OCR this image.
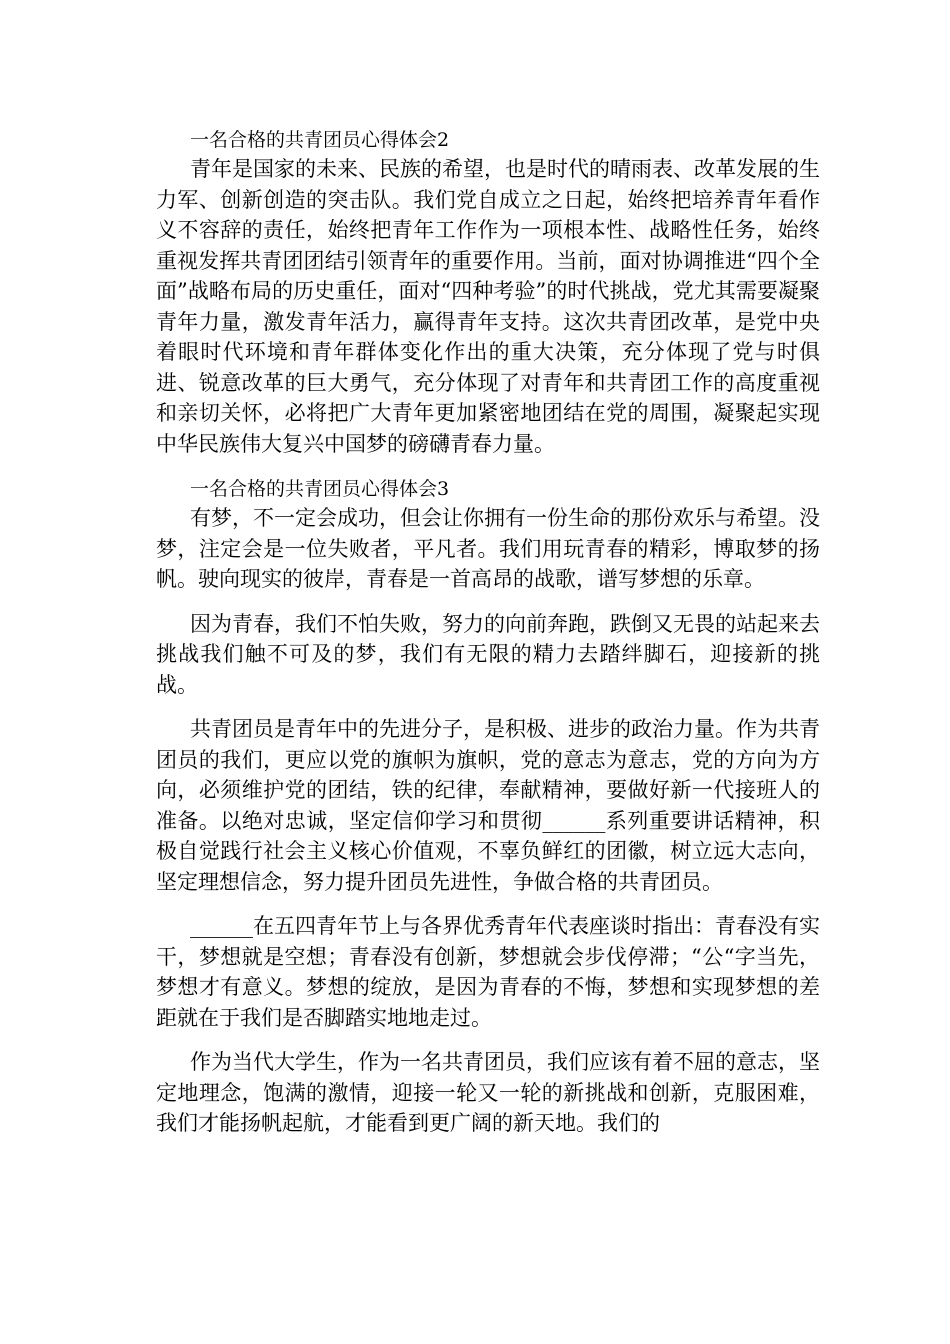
一名合格的共青团员心得体会2

青年是国家的未来、民族的希望，也是时代的晴雨表、改革发展的生力军、创新创造的突击队。我们党自成立之日起，始终把培养青年看作义不容辞的责任，始终把青年工作作为一项根本性、战略性任务，始终重视发挥共青团团结引领青年的重要作用。当前，面对协调推进“四个全面”战略布局的历史重任，面对“四种考验”的时代挑战，党尤其需要凝聚青年力量，激发青年活力，赢得青年支持。这次共青团改革，是党中央着眼时代环境和青年群体变化作出的重大决策，充分体现了党与时俱进、锐意改革的巨大勇气，充分体现了对青年和共青团工作的高度重视和亲切关怀，必将把广大青年更加紧密地团结在党的周围，凝聚起实现中华民族伟大复兴中国梦的磅礴青春力量。

一名合格的共青团员心得体会3

有梦，不一定会成功，但会让你拥有一份生命的那份欢乐与希望。没梦，注定会是一位失败者，平凡者。我们用玩青春的精彩，博取梦的扬帆。驶向现实的彼岸，青春是一首高昂的战歌，谱写梦想的乐章。

因为青春，我们不怕失败，努力的向前奔跑，跌倒又无畏的站起来去挑战我们触不可及的梦，我们有无限的精力去踏绊脚石，迎接新的挑战。

共青团员是青年中的先进分子，是积极、进步的政治力量。作为共青团员的我们，更应以党的旗帜为旗帜，党的意志为意志，党的方向为方向，必须维护党的团结，铁的纪律，奉献精神，要做好新一代接班人的准备。以绝对忠诚，坚定信仰学习和贯彻______系列重要讲话精神，积极自觉践行社会主义核心价值观，不辜负鲜红的团徽，树立远大志向，坚定理想信念，努力提升团员先进性，争做合格的共青团员。

______在五四青年节上与各界优秀青年代表座谈时指出：青春没有实干，梦想就是空想；青春没有创新，梦想就会步伐停滞；“公“字当先，梦想才有意义。梦想的绽放，是因为青春的不悔，梦想和实现梦想的差距就在于我们是否脚踏实地地走过。

作为当代大学生，作为一名共青团员，我们应该有着不屈的意志，坚定地理念，饱满的激情，迎接一轮又一轮的新挑战和创新，克服困难，我们才能扬帆起航，才能看到更广阔的新天地。我们的
